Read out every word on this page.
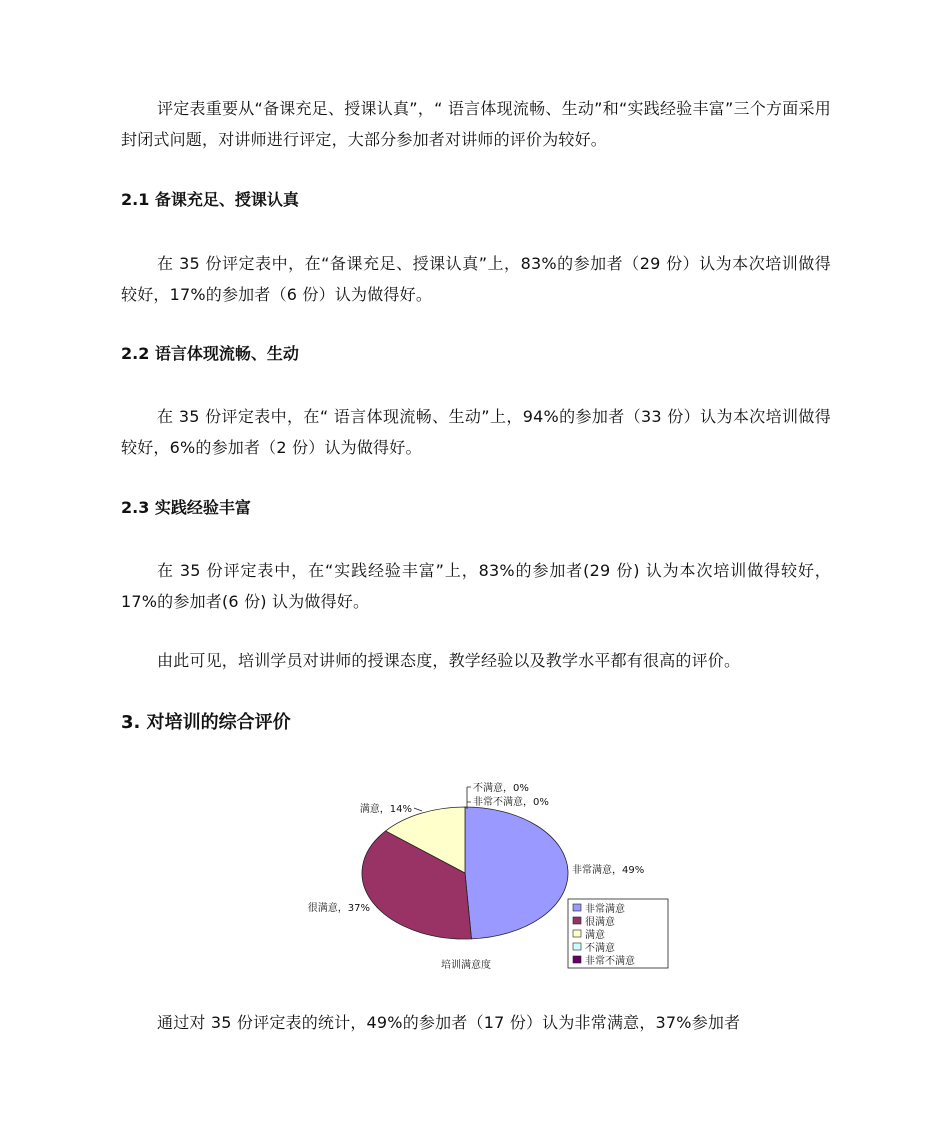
评定表重要从“备课充足、授课认真”，“ 语言体现流畅、生动”和“实践经验丰富”三个方面采用封闭式问题，对讲师进行评定，大部分参加者对讲师的评价为较好。

2.1 备课充足、授课认真

在 35 份评定表中，在“备课充足、授课认真”上，83%的参加者（29 份）认为本次培训做得较好，17%的参加者（6 份）认为做得好。

2.2 语言体现流畅、生动

在 35 份评定表中，在“ 语言体现流畅、生动”上，94%的参加者（33 份）认为本次培训做得较好，6%的参加者（2 份）认为做得好。

2.3 实践经验丰富

在 35 份评定表中，在“实践经验丰富”上，83%的参加者(29 份) 认为本次培训做得较好，17%的参加者(6 份) 认为做得好。

由此可见，培训学员对讲师的授课态度，教学经验以及教学水平都有很高的评价。

3. 对培训的综合评价
非常满意，49%
很满意，37%
满意，14%
不满意，0%
非常不满意，0%
非常满意
很满意
满意
不满意
非常不满意
培训满意度

通过对 35 份评定表的统计，49%的参加者（17 份）认为非常满意，37%参加者
